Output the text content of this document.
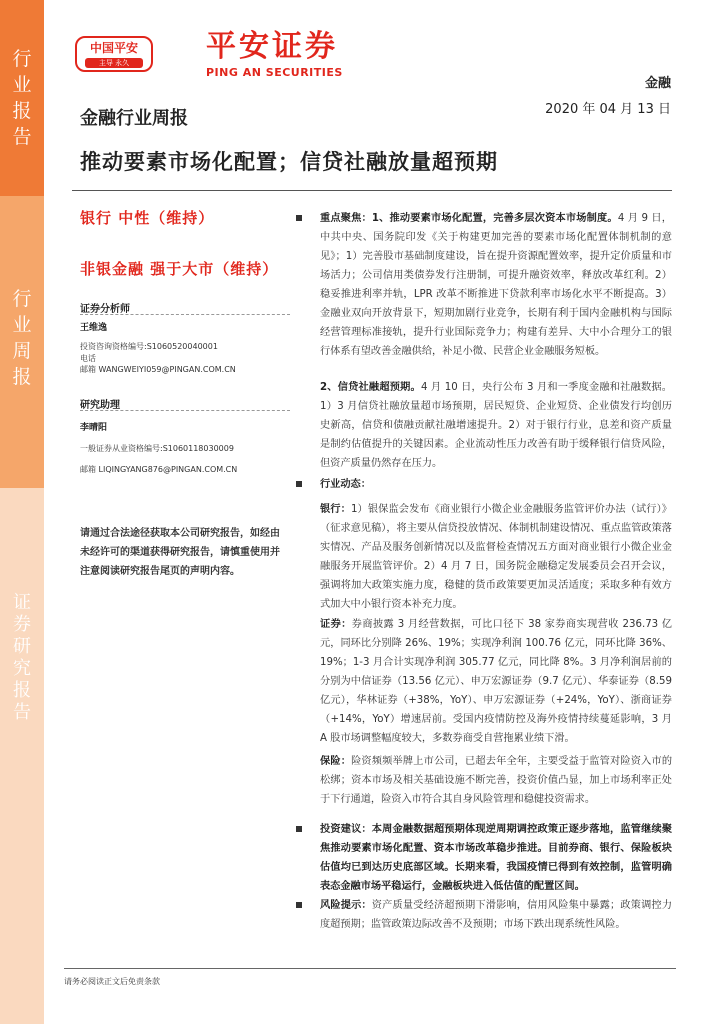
行
业
报
告
行
业
周
报
证
券
研
究
报
告
中国平安
主导 永久	平安证券
PING AN SECURITIES
金融
2020 年 04 月 13 日
金融行业周报
推动要素市场化配置；信贷社融放量超预期
银行 中性（维持）
非银金融 强于大市（维持）
证券分析师
王维逸
投资咨询资格编号:S1060520040001
电话
邮箱 WANGWEIYI059@PINGAN.COM.CN
研究助理
李晴阳
一般证券从业资格编号:S1060118030009
邮箱 LIQINGYANG876@PINGAN.COM.CN
请通过合法途径获取本公司研究报告，如经由未经许可的渠道获得研究报告，请慎重使用并注意阅读研究报告尾页的声明内容。
重点聚焦：1、推动要素市场化配置，完善多层次资本市场制度。4 月 9 日，中共中央、国务院印发《关于构建更加完善的要素市场化配置体制机制的意见》；1）完善股市基础制度建设，旨在提升资源配置效率，提升定价质量和市场活力；公司信用类债券发行注册制，可提升融资效率，释放改革红利。2）稳妥推进利率并轨，LPR 改革不断推进下贷款利率市场化水平不断提高。3）金融业双向开放背景下，短期加剧行业竞争，长期有利于国内金融机构与国际经营管理标准接轨，提升行业国际竞争力；构建有差异、大中小合理分工的银行体系有望改善金融供给，补足小微、民营企业金融服务短板。
2、信贷社融超预期。4 月 10 日，央行公布 3 月和一季度金融和社融数据。1）3 月信贷社融放量超市场预期，居民短贷、企业短贷、企业债发行均创历史新高，信贷和债融贡献社融增速提升。2）对于银行行业，息差和资产质量是制约估值提升的关键因素。企业流动性压力改善有助于缓释银行信贷风险，但资产质量仍然存在压力。
行业动态：
银行：1）银保监会发布《商业银行小微企业金融服务监管评价办法（试行）》（征求意见稿），将主要从信贷投放情况、体制机制建设情况、重点监管政策落实情况、产品及服务创新情况以及监督检查情况五方面对商业银行小微企业金融服务开展监管评价。2）4 月 7 日，国务院金融稳定发展委员会召开会议，强调将加大政策实施力度，稳健的货币政策要更加灵活适度；采取多种有效方式加大中小银行资本补充力度。
证券：券商披露 3 月经营数据，可比口径下 38 家券商实现营收 236.73 亿元，同环比分别降 26%、19%；实现净利润 100.76 亿元，同环比降 36%、19%；1-3 月合计实现净利润 305.77 亿元，同比降 8%。3 月净利润居前的分别为中信证券（13.56 亿元）、申万宏源证券（9.7 亿元）、华泰证券（8.59 亿元），华林证券（+38%，YoY）、申万宏源证券（+24%，YoY）、浙商证券（+14%，YoY）增速居前。受国内疫情防控及海外疫情持续蔓延影响，3 月 A 股市场调整幅度较大，多数券商受自营拖累业绩下滑。
保险：险资频频举牌上市公司，已超去年全年，主要受益于监管对险资入市的松绑；资本市场及相关基础设施不断完善，投资价值凸显，加上市场利率正处于下行通道，险资入市符合其自身风险管理和稳健投资需求。
投资建议：本周金融数据超预期体现逆周期调控政策正逐步落地，监管继续聚焦推动要素市场化配置、资本市场改革稳步推进。目前券商、银行、保险板块估值均已到达历史底部区域。长期来看，我国疫情已得到有效控制，监管明确表态金融市场平稳运行，金融板块进入低估值的配置区间。
风险提示：资产质量受经济超预期下滑影响，信用风险集中暴露；政策调控力度超预期；监管政策边际改善不及预期；市场下跌出现系统性风险。
请务必阅读正文后免责条款
